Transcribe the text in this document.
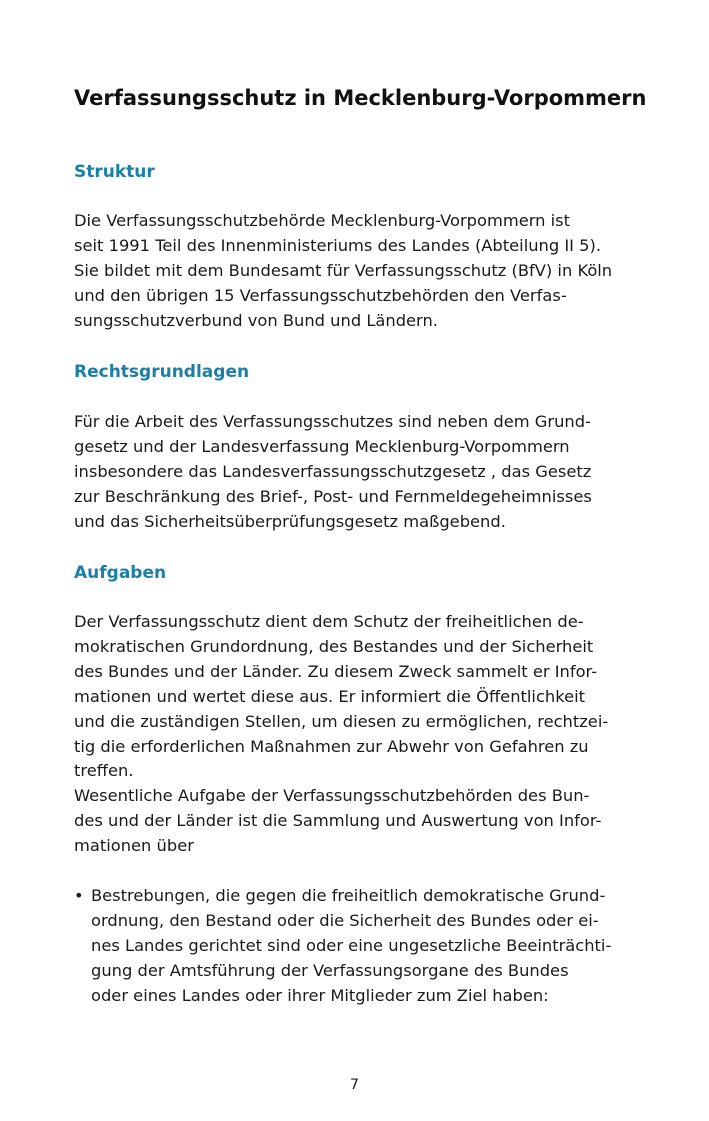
Verfassungsschutz in Mecklenburg-Vorpommern
Struktur

Die Verfassungsschutzbehörde Mecklenburg-Vorpommern ist
seit 1991 Teil des Innenministeriums des Landes (Abteilung II 5).
Sie bildet mit dem Bundesamt für Verfassungsschutz (BfV) in Köln
und den übrigen 15 Verfassungsschutzbehörden den Verfas-
sungsschutzverbund von Bund und Ländern.

Rechtsgrundlagen

Für die Arbeit des Verfassungsschutzes sind neben dem Grund-
gesetz und der Landesverfassung Mecklenburg-Vorpommern
insbesondere das Landesverfassungsschutzgesetz , das Gesetz
zur Beschränkung des Brief-, Post- und Fernmeldegeheimnisses
und das Sicherheitsüberprüfungsgesetz maßgebend.

Aufgaben

Der Verfassungsschutz dient dem Schutz der freiheitlichen de-
mokratischen Grundordnung, des Bestandes und der Sicherheit
des Bundes und der Länder. Zu diesem Zweck sammelt er Infor-
mationen und wertet diese aus. Er informiert die Öffentlichkeit
und die zuständigen Stellen, um diesen zu ermöglichen, rechtzei-
tig die erforderlichen Maßnahmen zur Abwehr von Gefahren zu
treffen.
Wesentliche Aufgabe der Verfassungsschutzbehörden des Bun-
des und der Länder ist die Sammlung und Auswertung von Infor-
mationen über

• Bestrebungen, die gegen die freiheitlich demokratische Grund-
ordnung, den Bestand oder die Sicherheit des Bundes oder ei-
nes Landes gerichtet sind oder eine ungesetzliche Beeinträchti-
gung der Amtsführung der Verfassungsorgane des Bundes
oder eines Landes oder ihrer Mitglieder zum Ziel haben:
7
